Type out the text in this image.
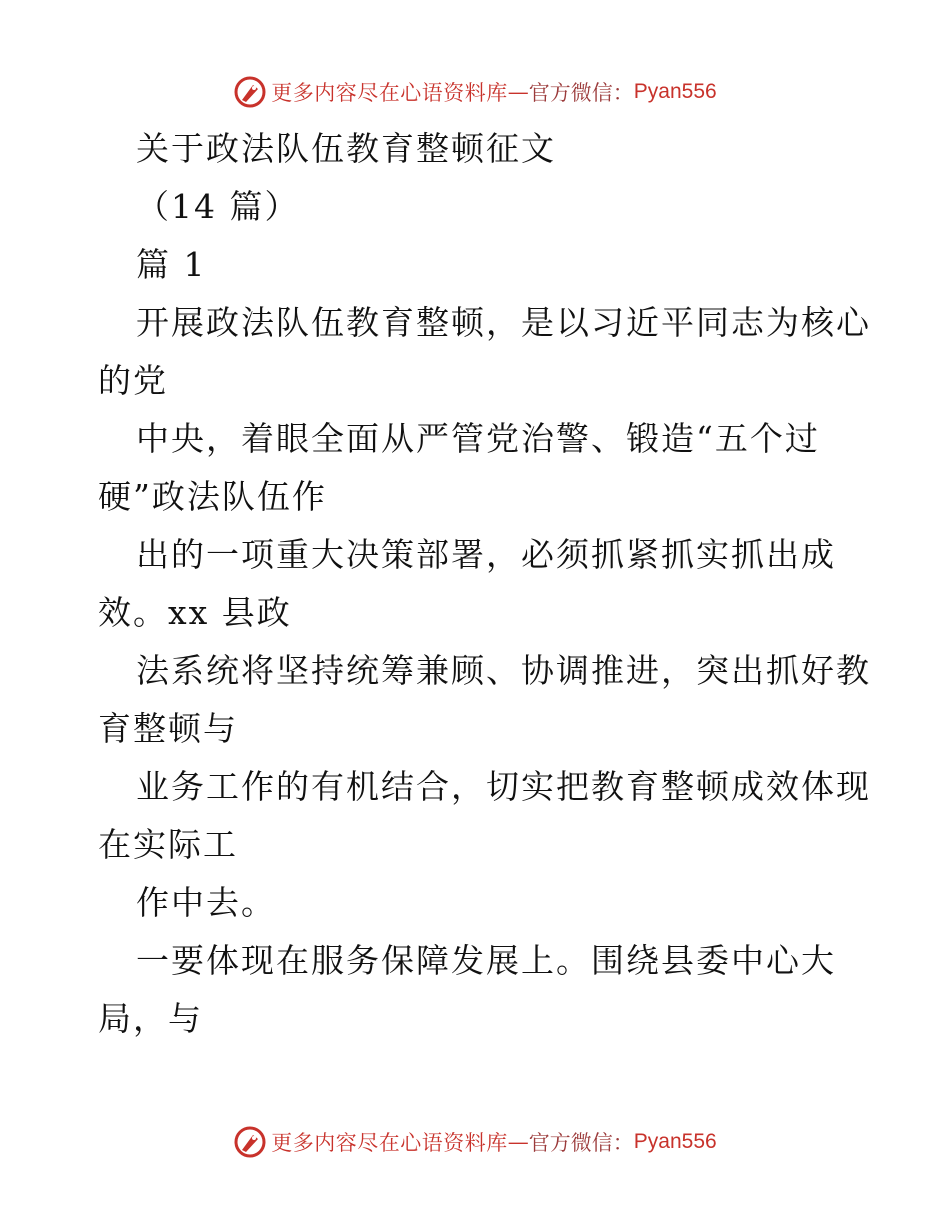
更多内容尽在心语资料库 — 官方微信： Pyan556
关于政法队伍教育整顿征文
（14 篇）
篇 1
开展政法队伍教育整顿，是以习近平同志为核心
的党
中央，着眼全面从严管党治警、锻造“五个过
硬”政法队伍作
出的一项重大决策部署，必须抓紧抓实抓出成
效。xx 县政
法系统将坚持统筹兼顾、协调推进，突出抓好教
育整顿与
业务工作的有机结合，切实把教育整顿成效体现
在实际工
作中去。
一要体现在服务保障发展上。围绕县委中心大
局，与
更多内容尽在心语资料库 — 官方微信： Pyan556
